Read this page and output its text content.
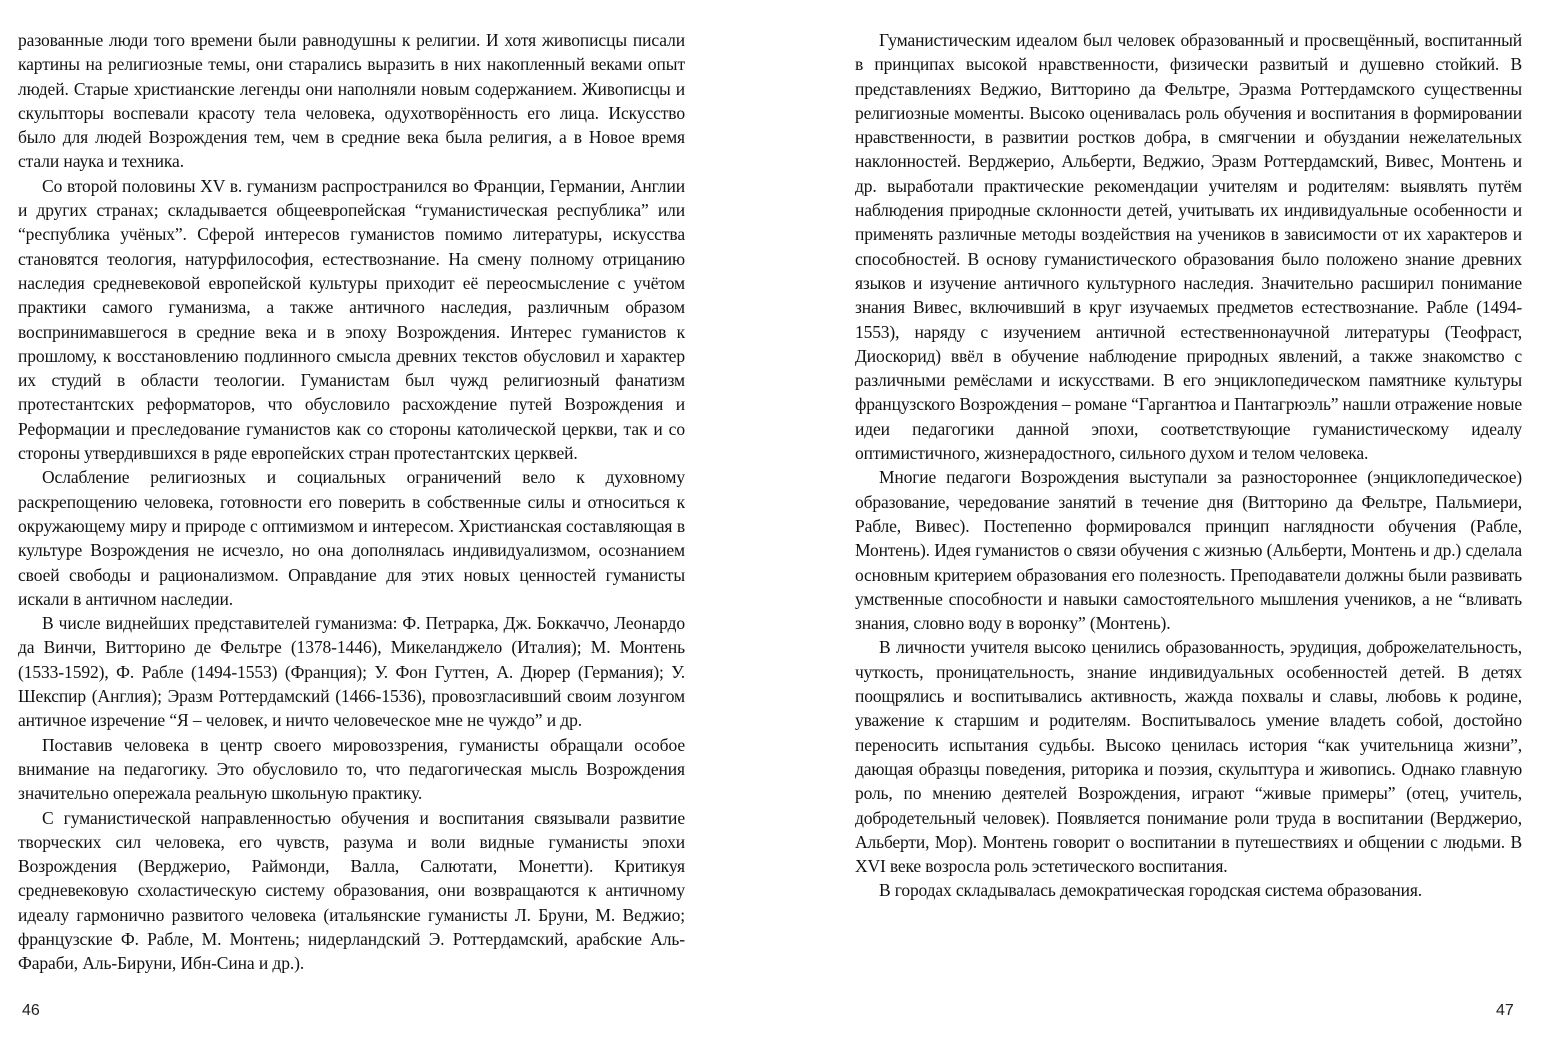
разованные люди того времени были равнодушны к религии. И хотя живописцы писали картины на религиозные темы, они старались выразить в них накопленный веками опыт людей. Старые христианские легенды они наполняли новым содержанием. Живописцы и скульпторы воспевали красоту тела человека, одухотворённость его лица. Искусство было для людей Возрождения тем, чем в средние века была религия, а в Новое время стали наука и техника.

Со второй половины XV в. гуманизм распространился во Франции, Германии, Англии и других странах; складывается общеевропейская “гуманистическая республика” или “республика учёных”. Сферой интересов гуманистов помимо литературы, искусства становятся теология, натурфилософия, естествознание. На смену полному отрицанию наследия средневековой европейской культуры приходит её переосмысление с учётом практики самого гуманизма, а также античного наследия, различным образом воспринимавшегося в средние века и в эпоху Возрождения. Интерес гуманистов к прошлому, к восстановлению подлинного смысла древних текстов обусловил и характер их студий в области теологии. Гуманистам был чужд религиозный фанатизм протестантских реформаторов, что обусловило расхождение путей Возрождения и Реформации и преследование гуманистов как со стороны католической церкви, так и со стороны утвердившихся в ряде европейских стран протестантских церквей.

Ослабление религиозных и социальных ограничений вело к духовному раскрепощению человека, готовности его поверить в собственные силы и относиться к окружающему миру и природе с оптимизмом и интересом. Христианская составляющая в культуре Возрождения не исчезло, но она дополнялась индивидуализмом, осознанием своей свободы и рационализмом. Оправдание для этих новых ценностей гуманисты искали в античном наследии.

В числе виднейших представителей гуманизма: Ф. Петрарка, Дж. Боккаччо, Леонардо да Винчи, Витторино де Фельтре (1378-1446), Микеланджело (Италия); М. Монтень (1533-1592), Ф. Рабле (1494-1553) (Франция); У. Фон Гуттен, А. Дюрер (Германия); У. Шекспир (Англия); Эразм Роттердамский (1466-1536), провозгласивший своим лозунгом античное изречение “Я – человек, и ничто человеческое мне не чуждо” и др.

Поставив человека в центр своего мировоззрения, гуманисты обращали особое внимание на педагогику. Это обусловило то, что педагогическая мысль Возрождения значительно опережала реальную школьную практику.

С гуманистической направленностью обучения и воспитания связывали развитие творческих сил человека, его чувств, разума и воли видные гуманисты эпохи Возрождения (Верджерио, Раймонди, Валла, Салютати, Монетти). Критикуя средневековую схоластическую систему образования, они возвращаются к античному идеалу гармонично развитого человека (итальянские гуманисты Л. Бруни, М. Веджио; французские Ф. Рабле, М. Монтень; нидерландский Э. Роттердамский, арабские Аль-Фараби, Аль-Бируни, Ибн-Сина и др.).

46

Гуманистическим идеалом был человек образованный и просвещённый, воспитанный в принципах высокой нравственности, физически развитый и душевно стойкий. В представлениях Веджио, Витторино да Фельтре, Эразма Роттердамского существенны религиозные моменты. Высоко оценивалась роль обучения и воспитания в формировании нравственности, в развитии ростков добра, в смягчении и обуздании нежелательных наклонностей. Верджерио, Альберти, Веджио, Эразм Роттердамский, Вивес, Монтень и др. выработали практические рекомендации учителям и родителям: выявлять путём наблюдения природные склонности детей, учитывать их индивидуальные особенности и применять различные методы воздействия на учеников в зависимости от их характеров и способностей. В основу гуманистического образования было положено знание древних языков и изучение античного культурного наследия. Значительно расширил понимание знания Вивес, включивший в круг изучаемых предметов естествознание. Рабле (1494-1553), наряду с изучением античной естественнонаучной литературы (Теофраст, Диоскорид) ввёл в обучение наблюдение природных явлений, а также знакомство с различными ремёслами и искусствами. В его энциклопедическом памятнике культуры французского Возрождения – романе “Гаргантюа и Пантагрюэль” нашли отражение новые идеи педагогики данной эпохи, соответствующие гуманистическому идеалу оптимистичного, жизнерадостного, сильного духом и телом человека.

Многие педагоги Возрождения выступали за разностороннее (энциклопедическое) образование, чередование занятий в течение дня (Витторино да Фельтре, Пальмиери, Рабле, Вивес). Постепенно формировался принцип наглядности обучения (Рабле, Монтень). Идея гуманистов о связи обучения с жизнью (Альберти, Монтень и др.) сделала основным критерием образования его полезность. Преподаватели должны были развивать умственные способности и навыки самостоятельного мышления учеников, а не “вливать знания, словно воду в воронку” (Монтень).

В личности учителя высоко ценились образованность, эрудиция, доброжелательность, чуткость, проницательность, знание индивидуальных особенностей детей. В детях поощрялись и воспитывались активность, жажда похвалы и славы, любовь к родине, уважение к старшим и родителям. Воспитывалось умение владеть собой, достойно переносить испытания судьбы. Высоко ценилась история “как учительница жизни”, дающая образцы поведения, риторика и поэзия, скульптура и живопись. Однако главную роль, по мнению деятелей Возрождения, играют “живые примеры” (отец, учитель, добродетельный человек). Появляется понимание роли труда в воспитании (Верджерио, Альберти, Мор). Монтень говорит о воспитании в путешествиях и общении с людьми. В XVI веке возросла роль эстетического воспитания.

В городах складывалась демократическая городская система образования.

47
